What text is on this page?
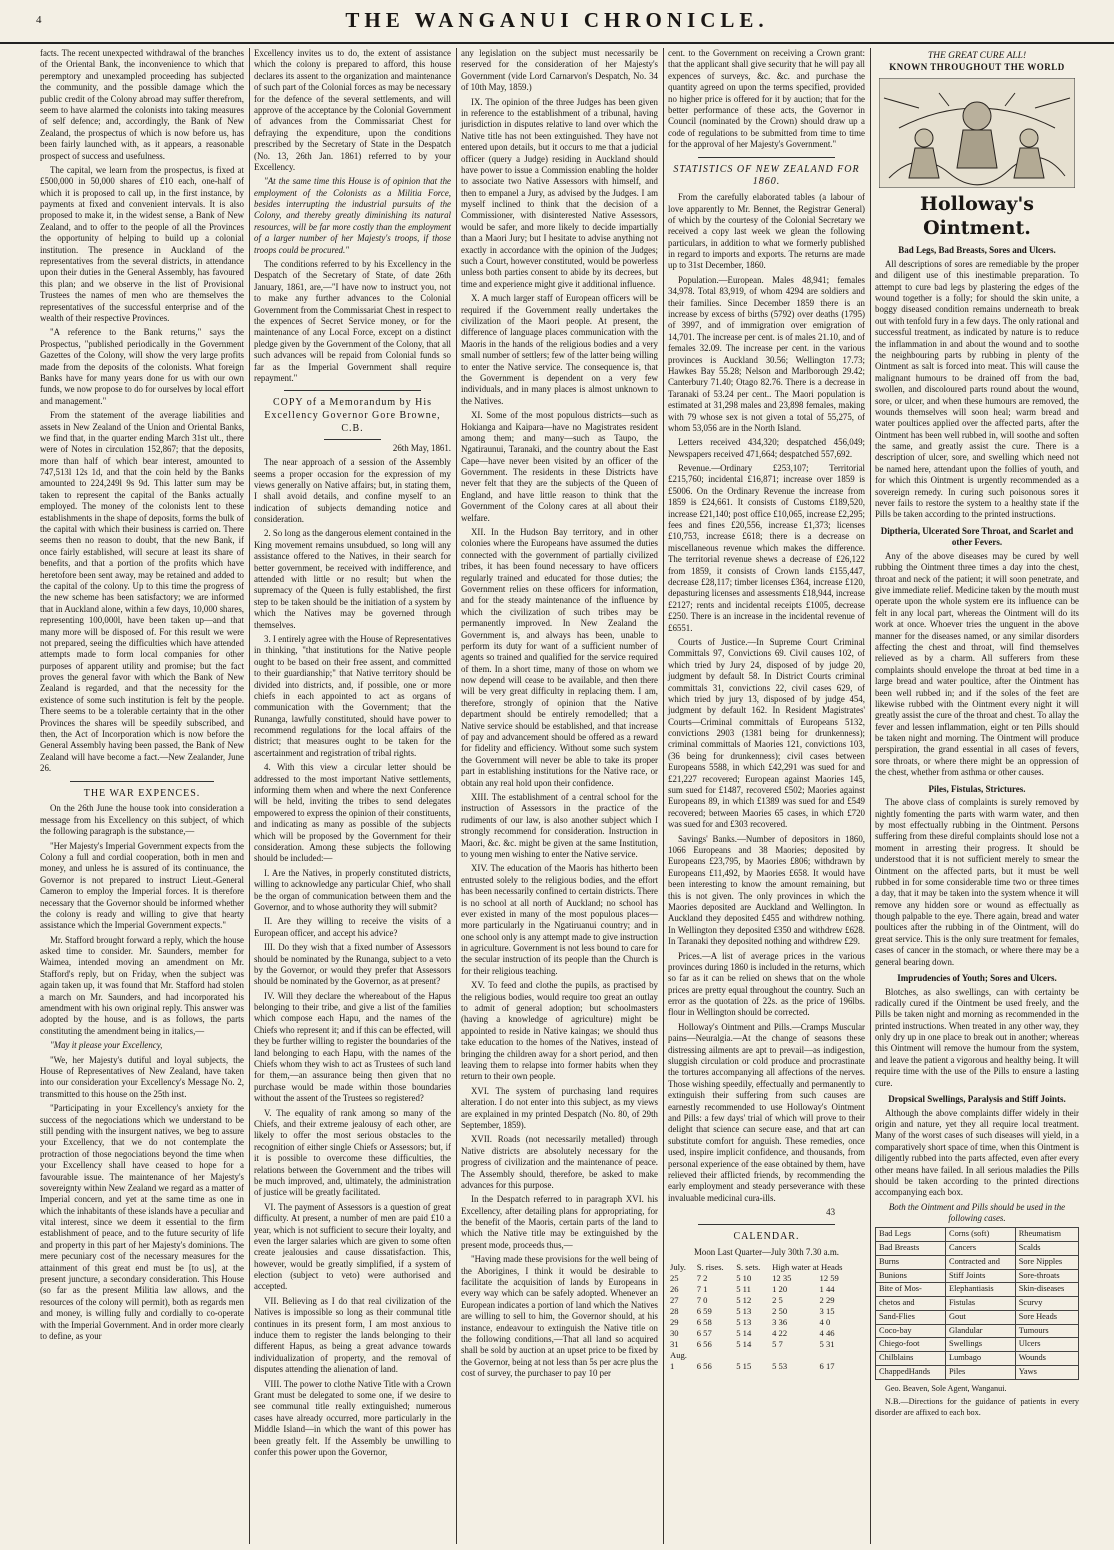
4	THE WANGANUI CHRONICLE.

facts. The recent unexpected withdrawal of the branches of the Oriental Bank, the inconvenience to which that peremptory and unexampled proceeding has subjected the community, and the possible damage which the public credit of the Colony abroad may suffer therefrom, seem to have alarmed the colonists into taking measures of self defence; and, accordingly, the Bank of New Zealand, the prospectus of which is now before us, has been fairly launched with, as it appears, a reasonable prospect of success and usefulness.

The capital, we learn from the prospectus, is fixed at £500,000 in 50,000 shares of £10 each, one-half of which it is proposed to call up, in the first instance, by payments at fixed and convenient intervals. It is also proposed to make it, in the widest sense, a Bank of New Zealand, and to offer to the people of all the Provinces the opportunity of helping to build up a colonial institution. The presence in Auckland of the representatives from the several districts, in attendance upon their duties in the General Assembly, has favoured this plan; and we observe in the list of Provisional Trustees the names of men who are themselves the representatives of the successful enterprise and of the wealth of their respective Provinces.

"A reference to the Bank returns," says the Prospectus, "published periodically in the Government Gazettes of the Colony, will show the very large profits made from the deposits of the colonists. What foreign Banks have for many years done for us with our own funds, we now propose to do for ourselves by local effort and management."

From the statement of the average liabilities and assets in New Zealand of the Union and Oriental Banks, we find that, in the quarter ending March 31st ult., there were of Notes in circulation 152,867; that the deposits, more than half of which bear interest, amounted to 747,513l 12s 1d, and that the coin held by the Banks amounted to 224,249l 9s 9d. This latter sum may be taken to represent the capital of the Banks actually employed. The money of the colonists lent to these establishments in the shape of deposits, forms the bulk of the capital with which their business is carried on. There seems then no reason to doubt, that the new Bank, if once fairly established, will secure at least its share of benefits, and that a portion of the profits which have heretofore been sent away, may be retained and added to the capital of the colony. Up to this time the progress of the new scheme has been satisfactory; we are informed that in Auckland alone, within a few days, 10,000 shares, representing 100,000l, have been taken up—and that many more will be disposed of. For this result we were not prepared, seeing the difficulties which have attended attempts made to form local companies for other purposes of apparent utility and promise; but the fact proves the general favor with which the Bank of New Zealand is regarded, and that the necessity for the existence of some such institution is felt by the people. There seems to be a tolerable certainty that in the other Provinces the shares will be speedily subscribed, and then, the Act of Incorporation which is now before the General Assembly having been passed, the Bank of New Zealand will have become a fact.—New Zealander, June 26.

THE WAR EXPENCES.

On the 26th June the house took into consideration a message from his Excellency on this subject, of which the following paragraph is the substance,—

"Her Majesty's Imperial Government expects from the Colony a full and cordial cooperation, both in men and money, and unless he is assured of its continuance, the Governor is not prepared to instruct Lieut.-General Cameron to employ the Imperial forces. It is therefore necessary that the Governor should be informed whether the colony is ready and willing to give that hearty assistance which the Imperial Government expects."

Mr. Stafford brought forward a reply, which the house asked time to consider. Mr. Saunders, member for Waimea, intended moving an amendment on Mr. Stafford's reply, but on Friday, when the subject was again taken up, it was found that Mr. Stafford had stolen a march on Mr. Saunders, and had incorporated his amendment with his own original reply. This answer was adopted by the house, and is as follows, the parts constituting the amendment being in italics,—

"May it please your Excellency,

"We, her Majesty's dutiful and loyal subjects, the House of Representatives of New Zealand, have taken into our consideration your Excellency's Message No. 2, transmitted to this house on the 25th inst.

"Participating in your Excellency's anxiety for the success of the negociations which we understand to be still pending with the insurgent natives, we beg to assure your Excellency, that we do not contemplate the protraction of those negociations beyond the time when your Excellency shall have ceased to hope for a favourable issue. The maintenance of her Majesty's sovereignty within New Zealand we regard as a matter of Imperial concern, and yet at the same time as one in which the inhabitants of these islands have a peculiar and vital interest, since we deem it essential to the firm establishment of peace, and to the future security of life and property in this part of her Majesty's dominions. The mere pecuniary cost of the necessary measures for the attainment of this great end must be [to us], at the present juncture, a secondary consideration. This House (so far as the present Militia law allows, and the resources of the colony will permit), both as regards men and money, is willing fully and cordially to co-operate with the Imperial Government. And in order more clearly to define, as your

Excellency invites us to do, the extent of assistance which the colony is prepared to afford, this house declares its assent to the organization and maintenance of such part of the Colonial forces as may be necessary for the defence of the several settlements, and will approve of the acceptance by the Colonial Government of advances from the Commissariat Chest for defraying the expenditure, upon the conditions prescribed by the Secretary of State in the Despatch (No. 13, 26th Jan. 1861) referred to by your Excellency.

"At the same time this House is of opinion that the employment of the Colonists as a Militia Force, besides interrupting the industrial pursuits of the Colony, and thereby greatly diminishing its natural resources, will be far more costly than the employment of a larger number of her Majesty's troops, if those troops could be procured."

The conditions referred to by his Excellency in the Despatch of the Secretary of State, of date 26th January, 1861, are,—"I have now to instruct you, not to make any further advances to the Colonial Government from the Commissariat Chest in respect to the expences of Secret Service money, or for the maintenance of any Local Force, except on a distinct pledge given by the Government of the Colony, that all such advances will be repaid from Colonial funds so far as the Imperial Government shall require repayment."

COPY of a Memorandum by His Excellency Governor Gore Browne, C.B.

26th May, 1861.

The near approach of a session of the Assembly seems a proper occasion for the expression of my views generally on Native affairs; but, in stating them, I shall avoid details, and confine myself to an indication of subjects demanding notice and consideration.

2. So long as the dangerous element contained in the King movement remains unsubdued, so long will any assistance offered to the Natives, in their search for better government, be received with indifference, and attended with little or no result; but when the supremacy of the Queen is fully established, the first step to be taken should be the initiation of a system by which the Natives may be governed through themselves.

3. I entirely agree with the House of Representatives in thinking, "that institutions for the Native people ought to be based on their free assent, and committed to their guardianship;" that Native territory should be divided into districts, and, if possible, one or more chiefs in each appointed to act as organs of communication with the Government; that the Runanga, lawfully constituted, should have power to recommend regulations for the local affairs of the district; that measures ought to be taken for the ascertainment and registration of tribal rights.

4. With this view a circular letter should be addressed to the most important Native settlements, informing them when and where the next Conference will be held, inviting the tribes to send delegates empowered to express the opinion of their constituents, and indicating as many as possible of the subjects which will be proposed by the Government for their consideration. Among these subjects the following should be included:—

I. Are the Natives, in properly constituted districts, willing to acknowledge any particular Chief, who shall be the organ of communication between them and the Governor, and to whose authority they will submit?

II. Are they willing to receive the visits of a European officer, and accept his advice?

III. Do they wish that a fixed number of Assessors should be nominated by the Runanga, subject to a veto by the Governor, or would they prefer that Assessors should be nominated by the Governor, as at present?

IV. Will they declare the whereabout of the Hapus belonging to their tribe, and give a list of the families which compose each Hapu, and the names of the Chiefs who represent it; and if this can be effected, will they be further willing to register the boundaries of the land belonging to each Hapu, with the names of the Chiefs whom they wish to act as Trustees of such land for them,—an assurance being then given that no purchase would be made within those boundaries without the assent of the Trustees so registered?

V. The equality of rank among so many of the Chiefs, and their extreme jealousy of each other, are likely to offer the most serious obstacles to the recognition of either single Chiefs or Assessors; but, if it is possible to overcome these difficulties, the relations between the Government and the tribes will be much improved, and, ultimately, the administration of justice will be greatly facilitated.

VI. The payment of Assessors is a question of great difficulty. At present, a number of men are paid £10 a year, which is not sufficient to secure their loyalty, and even the larger salaries which are given to some often create jealousies and cause dissatisfaction. This, however, would be greatly simplified, if a system of election (subject to veto) were authorised and accepted.

VII. Believing as I do that real civilization of the Natives is impossible so long as their communal title continues in its present form, I am most anxious to induce them to register the lands belonging to their different Hapus, as being a great advance towards individualization of property, and the removal of disputes attending the alienation of land.

VIII. The power to clothe Native Title with a Crown Grant must be delegated to some one, if we desire to see communal title really extinguished; numerous cases have already occurred, more particularly in the Middle Island—in which the want of this power has been greatly felt. If the Assembly be unwilling to confer this power upon the Governor,

any legislation on the subject must necessarily be reserved for the consideration of her Majesty's Government (vide Lord Carnarvon's Despatch, No. 34 of 10th May, 1859.)

IX. The opinion of the three Judges has been given in reference to the establishment of a tribunal, having jurisdiction in disputes relative to land over which the Native title has not been extinguished. They have not entered upon details, but it occurs to me that a judicial officer (query a Judge) residing in Auckland should have power to issue a Commission enabling the holder to associate two Native Assessors with himself, and then to empanel a Jury, as advised by the Judges. I am myself inclined to think that the decision of a Commissioner, with disinterested Native Assessors, would be safer, and more likely to decide impartially than a Maori Jury; but I hesitate to advise anything not exactly in accordance with the opinion of the Judges; such a Court, however constituted, would be powerless unless both parties consent to abide by its decrees, but time and experience might give it additional influence.

X. A much larger staff of European officers will be required if the Government really undertakes the civilization of the Maori people. At present, the difference of language places communication with the Maoris in the hands of the religious bodies and a very small number of settlers; few of the latter being willing to enter the Native service. The consequence is, that the Government is dependent on a very few individuals, and in many places is almost unknown to the Natives.

XI. Some of the most populous districts—such as Hokianga and Kaipara—have no Magistrates resident among them; and many—such as Taupo, the Ngatiraunui, Taranaki, and the country about the East Cape—have never been visited by an officer of the Government. The residents in these Districts have never felt that they are the subjects of the Queen of England, and have little reason to think that the Government of the Colony cares at all about their welfare.

XII. In the Hudson Bay territory, and in other colonies where the Europeans have assumed the duties connected with the government of partially civilized tribes, it has been found necessary to have officers regularly trained and educated for those duties; the Government relies on these officers for information, and for the steady maintenance of the influence by which the civilization of such tribes may be permanently improved. In New Zealand the Government is, and always has been, unable to perform its duty for want of a sufficient number of agents so trained and qualified for the service required of them. In a short time, many of those on whom we now depend will cease to be available, and then there will be very great difficulty in replacing them. I am, therefore, strongly of opinion that the Native department should be entirely remodelled; that a Native service should be established, and that increase of pay and advancement should be offered as a reward for fidelity and efficiency. Without some such system the Government will never be able to take its proper part in establishing institutions for the Native race, or obtain any real hold upon their confidence.

XIII. The establishment of a central school for the instruction of Assessors in the practice of the rudiments of our law, is also another subject which I strongly recommend for consideration. Instruction in Maori, &c. &c. might be given at the same Institution, to young men wishing to enter the Native service.

XIV. The education of the Maoris has hitherto been entrusted solely to the religious bodies, and the effort has been necessarily confined to certain districts. There is no school at all north of Auckland; no school has ever existed in many of the most populous places—more particularly in the Ngatiruanui country; and in one school only is any attempt made to give instruction in agriculture. Government is not less bound to care for the secular instruction of its people than the Church is for their religious teaching.

XV. To feed and clothe the pupils, as practised by the religious bodies, would require too great an outlay to admit of general adoption; but schoolmasters (having a knowledge of agriculture) might be appointed to reside in Native kaingas; we should thus take education to the homes of the Natives, instead of bringing the children away for a short period, and then leaving them to relapse into former habits when they return to their own people.

XVI. The system of purchasing land requires alteration. I do not enter into this subject, as my views are explained in my printed Despatch (No. 80, of 29th September, 1859).

XVII. Roads (not necessarily metalled) through Native districts are absolutely necessary for the progress of civilization and the maintenance of peace. The Assembly should, therefore, be asked to make advances for this purpose.

In the Despatch referred to in paragraph XVI. his Excellency, after detailing plans for appropriating, for the benefit of the Maoris, certain parts of the land to which the Native title may be extinguished by the present mode, proceeds thus,—

"Having made these provisions for the well being of the Aborigines, I think it would be desirable to facilitate the acquisition of lands by Europeans in every way which can be safely adopted. Whenever an European indicates a portion of land which the Natives are willing to sell to him, the Governor should, at his instance, endeavour to extinguish the Native title on the following conditions,—That all land so acquired shall be sold by auction at an upset price to be fixed by the Governor, being at not less than 5s per acre plus the cost of survey, the purchaser to pay 10 per

cent. to the Government on receiving a Crown grant: that the applicant shall give security that he will pay all expences of surveys, &c. &c. and purchase the quantity agreed on upon the terms specified, provided no higher price is offered for it by auction; that for the better performance of these acts, the Governor in Council (nominated by the Crown) should draw up a code of regulations to be submitted from time to time for the approval of her Majesty's Government."

STATISTICS OF NEW ZEALAND FOR 1860.

From the carefully elaborated tables (a labour of love apparently to Mr. Bennet, the Registrar General) of which by the courtesy of the Colonial Secretary we received a copy last week we glean the following particulars, in addition to what we formerly published in regard to imports and exports. The returns are made up to 31st December, 1860.

Population.—European. Males 48,941; females 34,978. Total 83,919, of whom 4294 are soldiers and their families. Since December 1859 there is an increase by excess of births (5792) over deaths (1795) of 3997, and of immigration over emigration of 14,701. The increase per cent. is of males 21.10, and of females 32.09. The increase per cent. in the various provinces is Auckland 30.56; Wellington 17.73; Hawkes Bay 55.28; Nelson and Marlborough 29.42; Canterbury 71.40; Otago 82.76. There is a decrease in Taranaki of 53.24 per cent.. The Maori population is estimated at 31,298 males and 23,898 females, making with 79 whose sex is not given a total of 55,275, of whom 53,056 are in the North Island.

Letters received 434,320; despatched 456,049; Newspapers received 471,664; despatched 557,692.

Revenue.—Ordinary £253,107; Territorial £215,760; incidental £16,871; increase over 1859 is £5006. On the Ordinary Revenue the increase from 1859 is £24,661. It consists of Customs £189,520, increase £21,140; post office £10,065, increase £2,295; fees and fines £20,556, increase £1,373; licenses £10,753, increase £618; there is a decrease on miscellaneous revenue which makes the difference. The territorial revenue shews a decrease of £26,122 from 1859, it consists of Crown lands £155,447, decrease £28,117; timber licenses £364, increase £120, depasturing licenses and assessments £18,944, increase £2127; rents and incidental receipts £1005, decrease £250. There is an increase in the incidental revenue of £6551.

Courts of Justice.—In Supreme Court Criminal Committals 97, Convictions 69. Civil causes 102, of which tried by Jury 24, disposed of by judge 20, judgment by default 58. In District Courts criminal committals 31, convictions 22, civil cases 629, of which tried by jury 13, disposed of by judge 454, judgment by default 162. In Resident Magistrates' Courts—Criminal committals of Europeans 5132, convictions 2903 (1381 being for drunkenness); criminal committals of Maories 121, convictions 103, (36 being for drunkenness); civil cases between Europeans 5588, in which £42,291 was sued for and £21,227 recovered; European against Maories 145, sum sued for £1487, recovered £502; Maories against Europeans 89, in which £1389 was sued for and £549 recovered; between Maories 65 cases, in which £720 was sued for and £303 recovered.

Savings' Banks.—Number of depositors in 1860, 1066 Europeans and 38 Maories; deposited by Europeans £23,795, by Maories £806; withdrawn by Europeans £11,492, by Maories £658. It would have been interesting to know the amount remaining, but this is not given. The only provinces in which the Maories deposited are Auckland and Wellington. In Auckland they deposited £455 and withdrew nothing. In Wellington they deposited £350 and withdrew £628. In Taranaki they deposited nothing and withdrew £29.

Prices.—A list of average prices in the various provinces during 1860 is included in the returns, which so far as it can be relied on shews that on the whole prices are pretty equal throughout the country. Such an error as the quotation of 22s. as the price of 196lbs. flour in Wellington should be corrected.

Holloway's Ointment and Pills.—Cramps Muscular pains—Neuralgia.—At the change of seasons these distressing ailments are apt to prevail—as indigestion, sluggish circulation or cold produce and procrastinate the tortures accompanying all affections of the nerves. Those wishing speedily, effectually and permanently to extinguish their suffering from such causes are earnestly recommended to use Holloway's Ointment and Pills: a few days' trial of which will prove to their delight that science can secure ease, and that art can substitute comfort for anguish. These remedies, once used, inspire implicit confidence, and thousands, from personal experience of the ease obtained by them, have relieved their afflicted friends, by recommending the early employment and steady perseverance with these invaluable medicinal cura-ills.

43

CALENDAR.

Moon Last Quarter—July 30th 7.30 a.m.

July.	S. rises.	S. sets.	High water at Heads	
25	7 2	5 10	12 35	12 59
26	7 1	5 11	1 20	1 44
27	7 0	5 12	2 5	2 29
28	6 59	5 13	2 50	3 15
29	6 58	5 13	3 36	4 0
30	6 57	5 14	4 22	4 46
31	6 56	5 14	5 7	5 31
Aug.				
1	6 56	5 15	5 53	6 17
THE GREAT CURE ALL!
KNOWN THROUGHOUT THE WORLD
Holloway's Ointment.
Bad Legs, Bad Breasts, Sores and Ulcers.

All descriptions of sores are remediable by the proper and diligent use of this inestimable preparation. To attempt to cure bad legs by plastering the edges of the wound together is a folly; for should the skin unite, a boggy diseased condition remains underneath to break out with tenfold fury in a few days. The only rational and successful treatment, as indicated by nature is to reduce the inflammation in and about the wound and to soothe the neighbouring parts by rubbing in plenty of the Ointment as salt is forced into meat. This will cause the malignant humours to be drained off from the bad, swollen, and discoloured parts round about the wound, sore, or ulcer, and when these humours are removed, the wounds themselves will soon heal; warm bread and water poultices applied over the affected parts, after the Ointment has been well rubbed in, will soothe and soften the same, and greatly assist the cure. There is a description of ulcer, sore, and swelling which need not be named here, attendant upon the follies of youth, and for which this Ointment is urgently recommended as a sovereign remedy. In curing such poisonous sores it never fails to restore the system to a healthy state if the Pills be taken according to the printed instructions.

Diptheria, Ulcerated Sore Throat, and Scarlet and other Fevers.

Any of the above diseases may be cured by well rubbing the Ointment three times a day into the chest, throat and neck of the patient; it will soon penetrate, and give immediate relief. Medicine taken by the mouth must operate upon the whole system ere its influence can be felt in any local part, whereas the Ointment will do its work at once. Whoever tries the unguent in the above manner for the diseases named, or any similar disorders affecting the chest and throat, will find themselves relieved as by a charm. All sufferers from these complaints should envelope the throat at bed time in a large bread and water poultice, after the Ointment has been well rubbed in; and if the soles of the feet are likewise rubbed with the Ointment every night it will greatly assist the cure of the throat and chest. To allay the fever and lessen inflammation, eight or ten Pills should be taken night and morning. The Ointment will produce perspiration, the grand essential in all cases of fevers, sore throats, or where there might be an oppression of the chest, whether from asthma or other causes.

Piles, Fistulas, Strictures.

The above class of complaints is surely removed by nightly fomenting the parts with warm water, and then by most effectually rubbing in the Ointment. Persons suffering from these direful complaints should lose not a moment in arresting their progress. It should be understood that it is not sufficient merely to smear the Ointment on the affected parts, but it must be well rubbed in for some considerable time two or three times a day, that it may be taken into the system whence it will remove any hidden sore or wound as effectually as though palpable to the eye. There again, bread and water poultices after the rubbing in of the Ointment, will do great service. This is the only sure treatment for females, cases of cancer in the stomach, or where there may be a general bearing down.

Imprudencies of Youth; Sores and Ulcers.

Blotches, as also swellings, can with certainty be radically cured if the Ointment be used freely, and the Pills be taken night and morning as recommended in the printed instructions. When treated in any other way, they only dry up in one place to break out in another; whereas this Ointment will remove the humour from the system, and leave the patient a vigorous and healthy being. It will require time with the use of the Pills to ensure a lasting cure.

Dropsical Swellings, Paralysis and Stiff Joints.

Although the above complaints differ widely in their origin and nature, yet they all require local treatment. Many of the worst cases of such diseases will yield, in a comparatively short space of time, when this Ointment is diligently rubbed into the parts affected, even after every other means have failed. In all serious maladies the Pills should be taken according to the printed directions accompanying each box.

Both the Ointment and Pills should be used in the following cases.

Bad Legs	Corns (soft)	Rheumatism
Bad Breasts	Cancers	Scalds
Burns	Contracted and	Sore Nipples
Bunions	Stiff Joints	Sore-throats
Bite of Mos-	Elephantiasis	Skin-diseases
chetos and	Fistulas	Scurvy
Sand-Flies	Gout	Sore Heads
Coco-bay	Glandular	Tumours
Chiego-foot	Swellings	Ulcers
Chilblains	Lumbago	Wounds
ChappedHands	Piles	Yaws

Geo. Beaven, Sole Agent, Wanganui.

N.B.—Directions for the guidance of patients in every disorder are affixed to each box.
